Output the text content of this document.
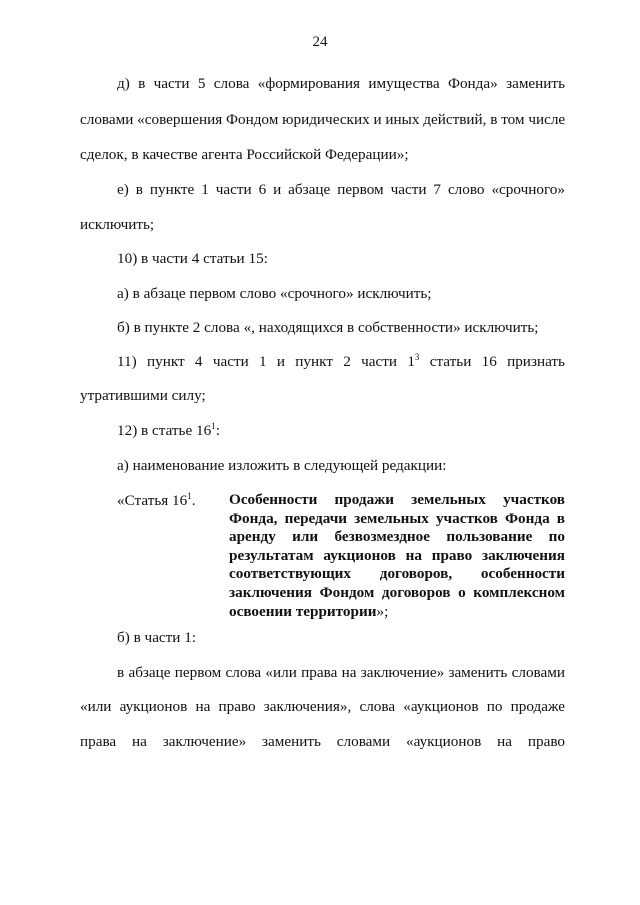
24
д) в части 5 слова «формирования имущества Фонда» заменить
словами «совершения Фондом юридических и иных действий, в том числе
сделок, в качестве агента Российской Федерации»;
е) в пункте 1 части 6 и абзаце первом части 7 слово «срочного»
исключить;
10) в части 4 статьи 15:
а) в абзаце первом слово «срочного» исключить;
б) в пункте 2 слова «, находящихся в собственности» исключить;
11) пункт 4 части 1 и пункт 2 части $1^3$ статьи 16 признать
утратившими силу;
12) в статье $16^1$:
а) наименование изложить в следующей редакции:
«Статья $16^1$. Особенности продажи земельных участков
Фонда, передачи земельных участков Фонда в
аренду или безвозмездное пользование по
результатам аукционов на право заключения
соответствующих договоров, особенности
заключения Фондом договоров о комплексном
освоении территории»;
б) в части 1:
в абзаце первом слова «или права на заключение» заменить словами
«или аукционов на право заключения», слова «аукционов по продаже
права на заключение» заменить словами «аукционов на право
